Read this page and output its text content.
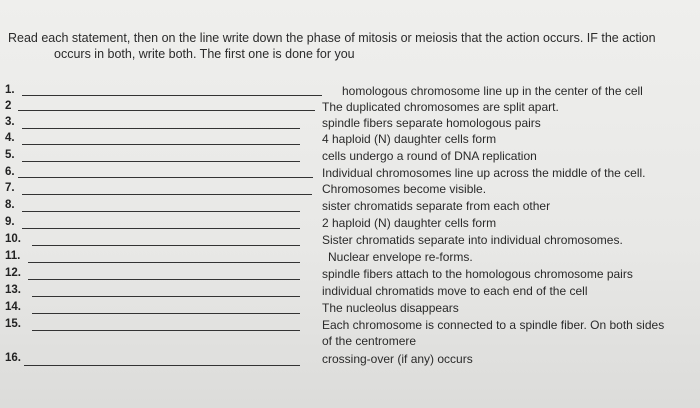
Read each statement, then on the line write down the phase of mitosis or meiosis that the action occurs. IF the action
occurs in both, write both. The first one is done for you
1.	homologous chromosome line up in the center of the cell
2	The duplicated chromosomes are split apart.
3.	spindle fibers separate homologous pairs
4.	4 haploid (N) daughter cells form
5.	cells undergo a round of DNA replication
6.	Individual chromosomes line up across the middle of the cell.
7.	Chromosomes become visible.
8.	sister chromatids separate from each other
9.	2 haploid (N) daughter cells form
10.	Sister chromatids separate into individual chromosomes.
11.	Nuclear envelope re-forms.
12.	spindle fibers attach to the homologous chromosome pairs
13.	individual chromatids move to each end of the cell
14.	The nucleolus disappears
15.	Each chromosome is connected to a spindle fiber. On both sides
of the centromere
16.	crossing-over (if any) occurs
